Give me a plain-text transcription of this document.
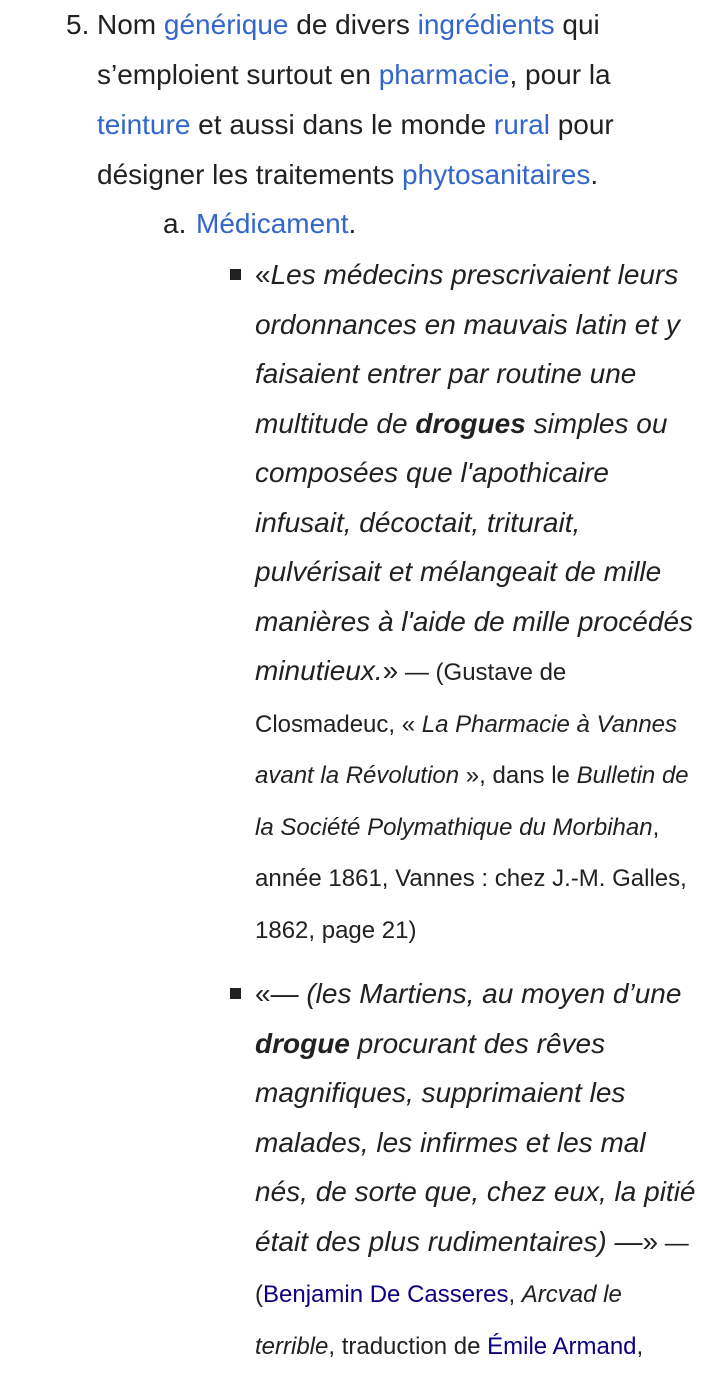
5. Nom générique de divers ingrédients qui s’emploient surtout en pharmacie, pour la teinture et aussi dans le monde rural pour désigner les traitements phytosanitaires.
a. Médicament.
«Les médecins prescrivaient leurs ordonnances en mauvais latin et y faisaient entrer par routine une multitude de drogues simples ou composées que l'apothicaire infusait, décoctait, triturait, pulvérisait et mélangeait de mille manières à l'aide de mille procédés minutieux.» — (Gustave de Closmadeuc, « La Pharmacie à Vannes avant la Révolution », dans le Bulletin de la Société Polymathique du Morbihan, année 1861, Vannes : chez J.-M. Galles, 1862, page 21)
«— (les Martiens, au moyen d’une drogue procurant des rêves magnifiques, supprimaient les malades, les infirmes et les mal nés, de sorte que, chez eux, la pitié était des plus rudimentaires) —» — (Benjamin De Casseres, Arcvad le terrible, traduction de Émile Armand,
